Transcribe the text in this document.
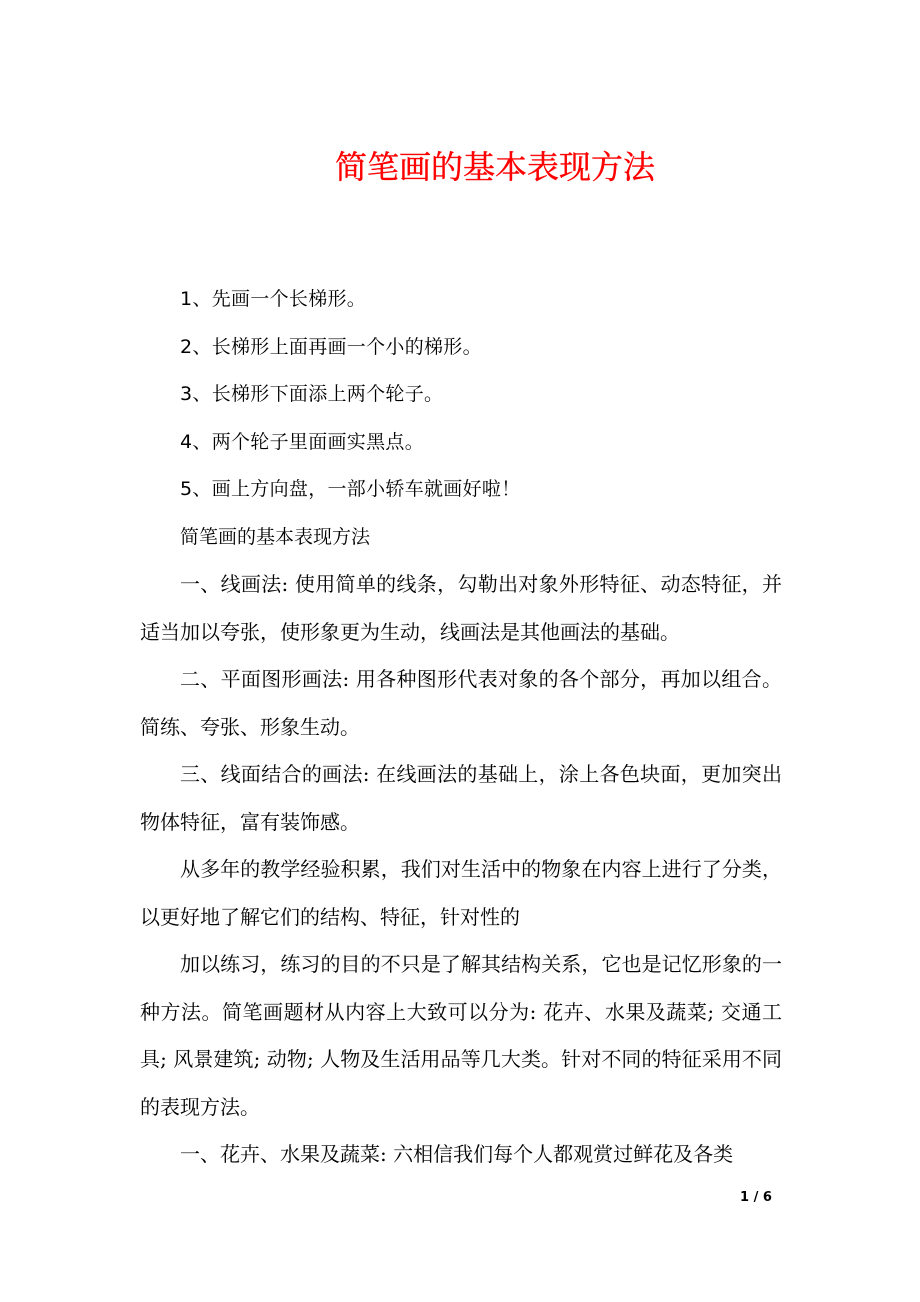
简笔画的基本表现方法

1、先画一个长梯形。

2、长梯形上面再画一个小的梯形。

3、长梯形下面添上两个轮子。

4、两个轮子里面画实黑点。

5、画上方向盘，一部小轿车就画好啦！

简笔画的基本表现方法

一、线画法: 使用简单的线条，勾勒出对象外形特征、动态特征，并适当加以夸张，使形象更为生动，线画法是其他画法的基础。

二、平面图形画法: 用各种图形代表对象的各个部分，再加以组合。简练、夸张、形象生动。

三、线面结合的画法: 在线画法的基础上，涂上各色块面，更加突出物体特征，富有装饰感。

从多年的教学经验积累，我们对生活中的物象在内容上进行了分类，以更好地了解它们的结构、特征，针对性的

加以练习，练习的目的不只是了解其结构关系，它也是记忆形象的一种方法。简笔画题材从内容上大致可以分为: 花卉、水果及蔬菜; 交通工具; 风景建筑; 动物; 人物及生活用品等几大类。针对不同的特征采用不同的表现方法。

一、花卉、水果及蔬菜: 六相信我们每个人都观赏过鲜花及各类

1 / 6
